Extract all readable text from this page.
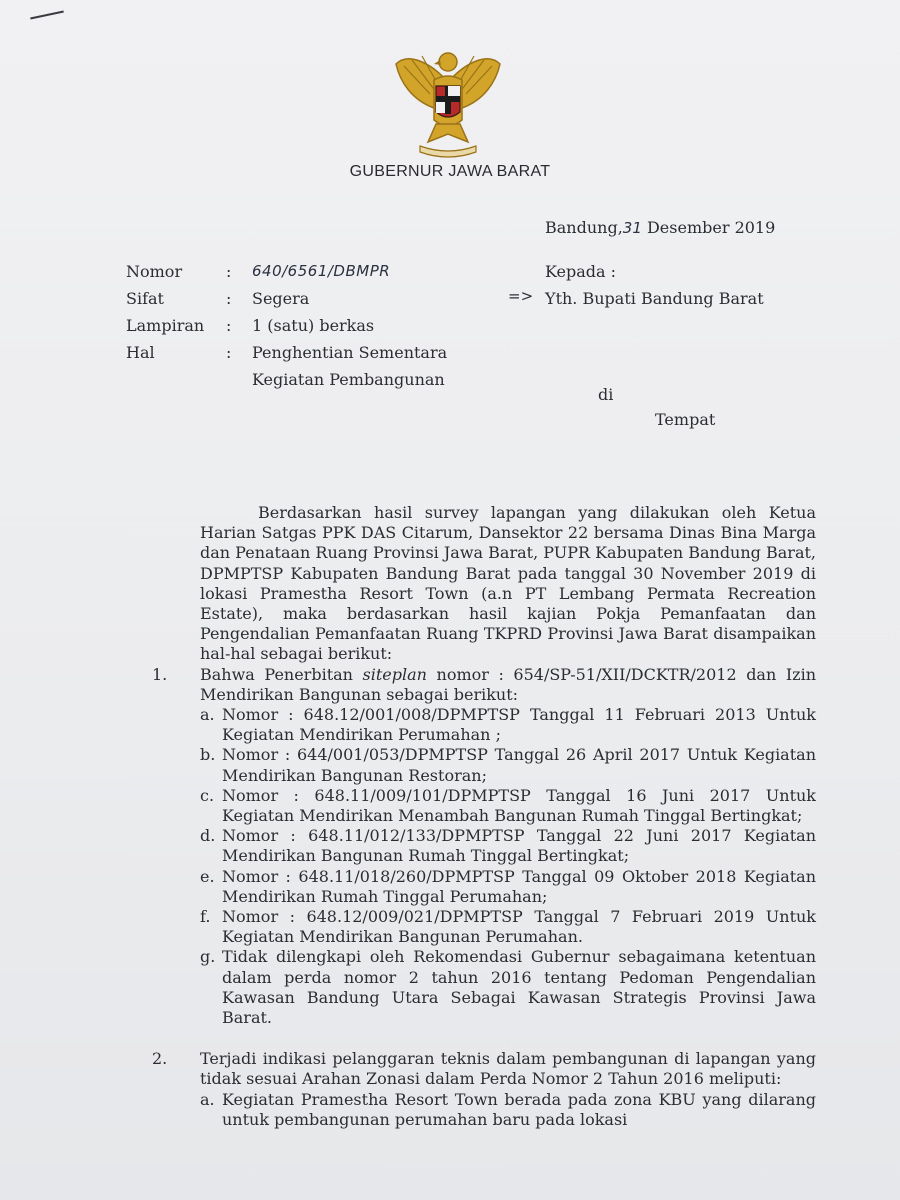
GUBERNUR JAWA BARAT
Bandung,31 Desember 2019
Nomor	:	640/6561/DBMPR
Sifat	:	Segera
Lampiran	:	1 (satu) berkas
Hal	:	Penghentian Sementara
Kegiatan Pembangunan
=>
Kepada :
Yth. Bupati Bandung Barat
di
Tempat

Berdasarkan hasil survey lapangan yang dilakukan oleh Ketua Harian Satgas PPK DAS Citarum, Dansektor 22 bersama Dinas Bina Marga dan Penataan Ruang Provinsi Jawa Barat, PUPR Kabupaten Bandung Barat, DPMPTSP Kabupaten Bandung Barat pada tanggal 30 November 2019 di lokasi Pramestha Resort Town (a.n PT Lembang Permata Recreation Estate), maka berdasarkan hasil kajian Pokja Pemanfaatan dan Pengendalian Pemanfaatan Ruang TKPRD Provinsi Jawa Barat disampaikan hal-hal sebagai berikut:

1.	Bahwa Penerbitan siteplan nomor : 654/SP-51/XII/DCKTR/2012 dan Izin Mendirikan Bangunan sebagai berikut:
a. Nomor : 648.12/001/008/DPMPTSP Tanggal 11 Februari 2013 Untuk Kegiatan Mendirikan Perumahan ;
b. Nomor : 644/001/053/DPMPTSP Tanggal 26 April 2017 Untuk Kegiatan Mendirikan Bangunan Restoran;
c. Nomor : 648.11/009/101/DPMPTSP Tanggal 16 Juni 2017 Untuk Kegiatan Mendirikan Menambah Bangunan Rumah Tinggal Bertingkat;
d. Nomor : 648.11/012/133/DPMPTSP Tanggal 22 Juni 2017 Kegiatan Mendirikan Bangunan Rumah Tinggal Bertingkat;
e. Nomor : 648.11/018/260/DPMPTSP Tanggal 09 Oktober 2018 Kegiatan Mendirikan Rumah Tinggal Perumahan;
f. Nomor : 648.12/009/021/DPMPTSP Tanggal 7 Februari 2019 Untuk Kegiatan Mendirikan Bangunan Perumahan.
g. Tidak dilengkapi oleh Rekomendasi Gubernur sebagaimana ketentuan dalam perda nomor 2 tahun 2016 tentang Pedoman Pengendalian Kawasan Bandung Utara Sebagai Kawasan Strategis Provinsi Jawa Barat.
2.	Terjadi indikasi pelanggaran teknis dalam pembangunan di lapangan yang tidak sesuai Arahan Zonasi dalam Perda Nomor 2 Tahun 2016 meliputi:
a. Kegiatan Pramestha Resort Town berada pada zona KBU yang dilarang untuk pembangunan perumahan baru pada lokasi
